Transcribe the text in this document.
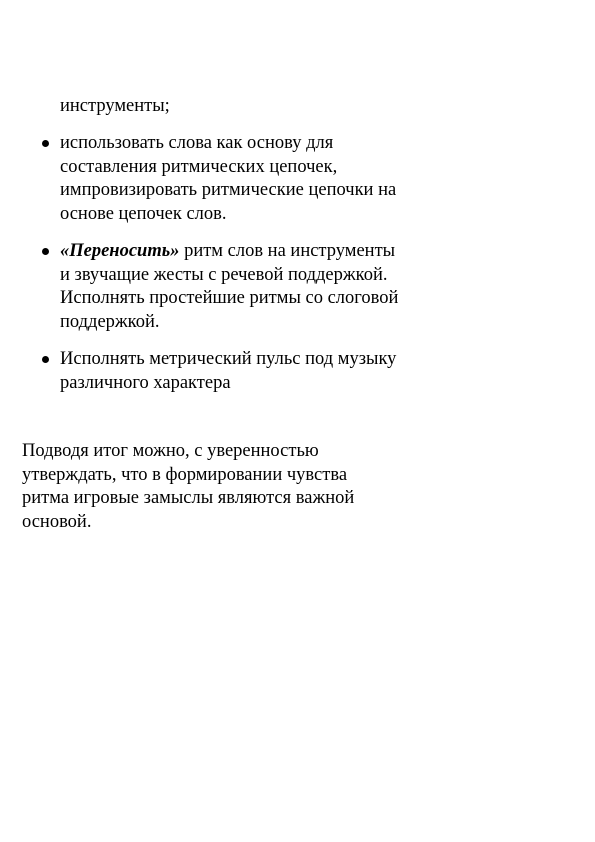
инструменты;

использовать слова как основу для составления ритмических цепочек, импровизировать ритмические цепочки на основе цепочек слов.
«Переносить» ритм слов на инструменты и звучащие жесты с речевой поддержкой. Исполнять простейшие ритмы со слоговой поддержкой.
Исполнять метрический пульс под музыку различного характера

Подводя итог можно, с уверенностью утверждать, что в формировании чувства ритма игровые замыслы являются важной основой.
